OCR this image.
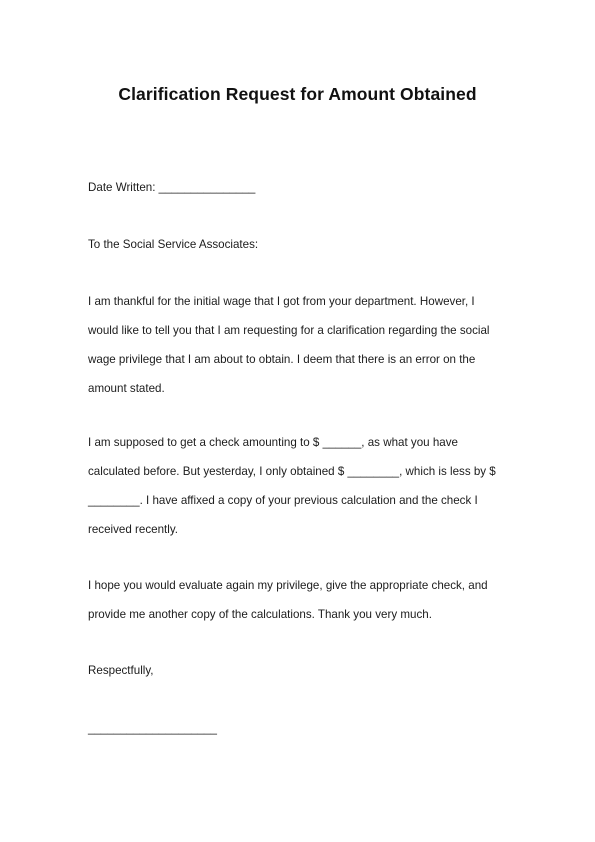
Clarification Request for Amount Obtained
Date Written: _______________
To the Social Service Associates:
I am thankful for the initial wage that I got from your department. However, I
would like to tell you that I am requesting for a clarification regarding the social
wage privilege that I am about to obtain. I deem that there is an error on the
amount stated.
I am supposed to get a check amounting to $ ______, as what you have
calculated before. But yesterday, I only obtained $ ________, which is less by $
________. I have affixed a copy of your previous calculation and the check I
received recently.
I hope you would evaluate again my privilege, give the appropriate check, and
provide me another copy of the calculations. Thank you very much.
Respectfully,
____________________
